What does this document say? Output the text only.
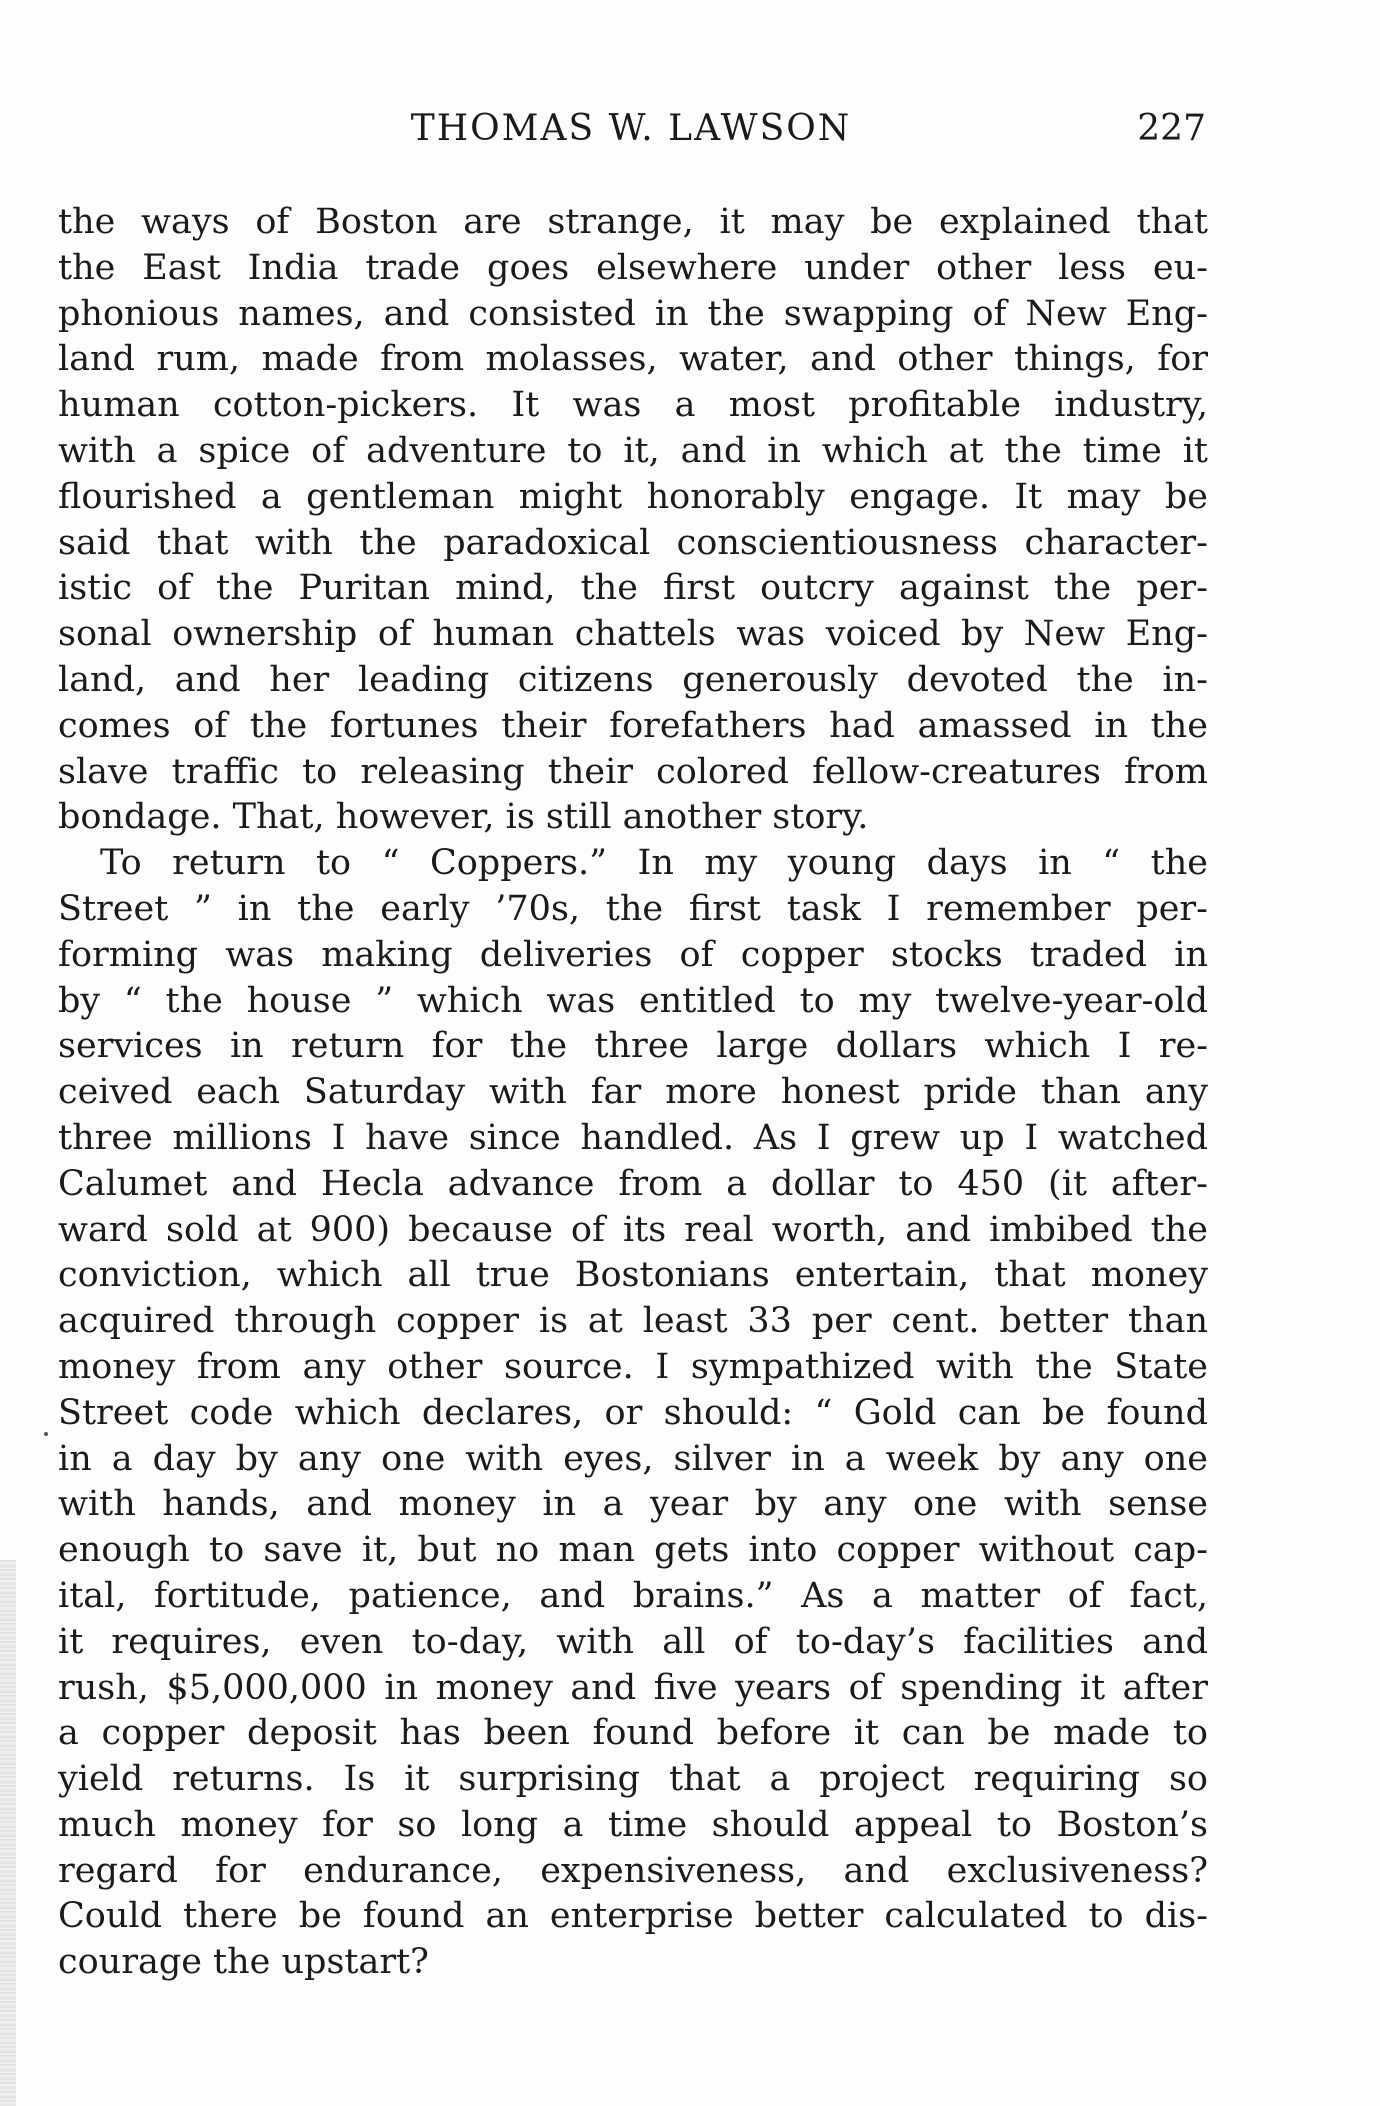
THOMAS W. LAWSON	227
the ways of Boston are strange, it may be explained that
the East India trade goes elsewhere under other less eu-
phonious names, and consisted in the swapping of New Eng-
land rum, made from molasses, water, and other things, for
human cotton-pickers. It was a most profitable industry,
with a spice of adventure to it, and in which at the time it
flourished a gentleman might honorably engage. It may be
said that with the paradoxical conscientiousness character-
istic of the Puritan mind, the first outcry against the per-
sonal ownership of human chattels was voiced by New Eng-
land, and her leading citizens generously devoted the in-
comes of the fortunes their forefathers had amassed in the
slave traffic to releasing their colored fellow-creatures from
bondage. That, however, is still another story.
To return to “ Coppers.” In my young days in “ the
Street ” in the early ’70s, the first task I remember per-
forming was making deliveries of copper stocks traded in
by “ the house ” which was entitled to my twelve-year-old
services in return for the three large dollars which I re-
ceived each Saturday with far more honest pride than any
three millions I have since handled. As I grew up I watched
Calumet and Hecla advance from a dollar to 450 (it after-
ward sold at 900) because of its real worth, and imbibed the
conviction, which all true Bostonians entertain, that money
acquired through copper is at least 33 per cent. better than
money from any other source. I sympathized with the State
Street code which declares, or should: “ Gold can be found
in a day by any one with eyes, silver in a week by any one
with hands, and money in a year by any one with sense
enough to save it, but no man gets into copper without cap-
ital, fortitude, patience, and brains.” As a matter of fact,
it requires, even to-day, with all of to-day’s facilities and
rush, $5,000,000 in money and five years of spending it after
a copper deposit has been found before it can be made to
yield returns. Is it surprising that a project requiring so
much money for so long a time should appeal to Boston’s
regard for endurance, expensiveness, and exclusiveness?
Could there be found an enterprise better calculated to dis-
courage the upstart?
